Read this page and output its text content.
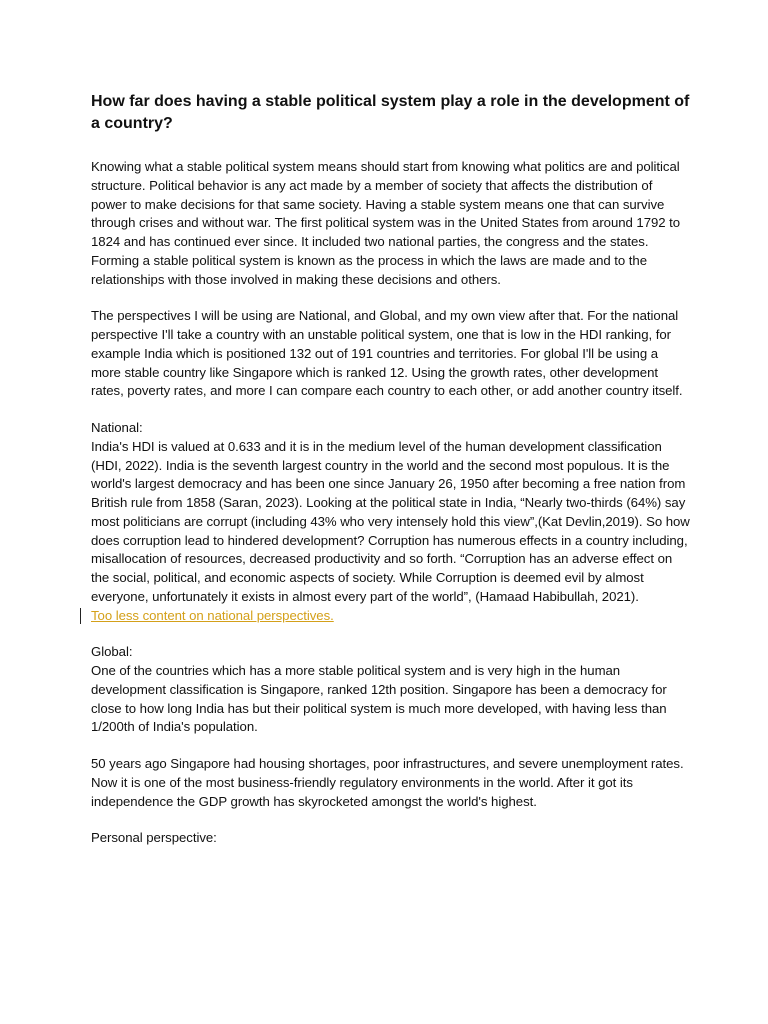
How far does having a stable political system play a role in the development of a country?

Knowing what a stable political system means should start from knowing what politics are and political structure. Political behavior is any act made by a member of society that affects the distribution of power to make decisions for that same society. Having a stable system means one that can survive through crises and without war. The first political system was in the United States from around 1792 to 1824 and has continued ever since. It included two national parties, the congress and the states. Forming a stable political system is known as the process in which the laws are made and to the relationships with those involved in making these decisions and others.

The perspectives I will be using are National, and Global, and my own view after that. For the national perspective I'll take a country with an unstable political system, one that is low in the HDI ranking, for example India which is positioned 132 out of 191 countries and territories. For global I'll be using a more stable country like Singapore which is ranked 12. Using the growth rates, other development rates, poverty rates, and more I can compare each country to each other, or add another country itself.

National:
India's HDI is valued at 0.633 and it is in the medium level of the human development classification (HDI, 2022). India is the seventh largest country in the world and the second most populous. It is the world's largest democracy and has been one since January 26, 1950 after becoming a free nation from British rule from 1858 (Saran, 2023). Looking at the political state in India, “Nearly two-thirds (64%) say most politicians are corrupt (including 43% who very intensely hold this view”,(Kat Devlin,2019). So how does corruption lead to hindered development? Corruption has numerous effects in a country including, misallocation of resources, decreased productivity and so forth. “Corruption has an adverse effect on the social, political, and economic aspects of society. While Corruption is deemed evil by almost everyone, unfortunately it exists in almost every part of the world”, (Hamaad Habibullah, 2021).
Too less content on national perspectives.
Global:
One of the countries which has a more stable political system and is very high in the human development classification is Singapore, ranked 12th position. Singapore has been a democracy for close to how long India has but their political system is much more developed, with having less than 1/200th of India's population.

50 years ago Singapore had housing shortages, poor infrastructures, and severe unemployment rates. Now it is one of the most business-friendly regulatory environments in the world. After it got its independence the GDP growth has skyrocketed amongst the world's highest.

Personal perspective:
